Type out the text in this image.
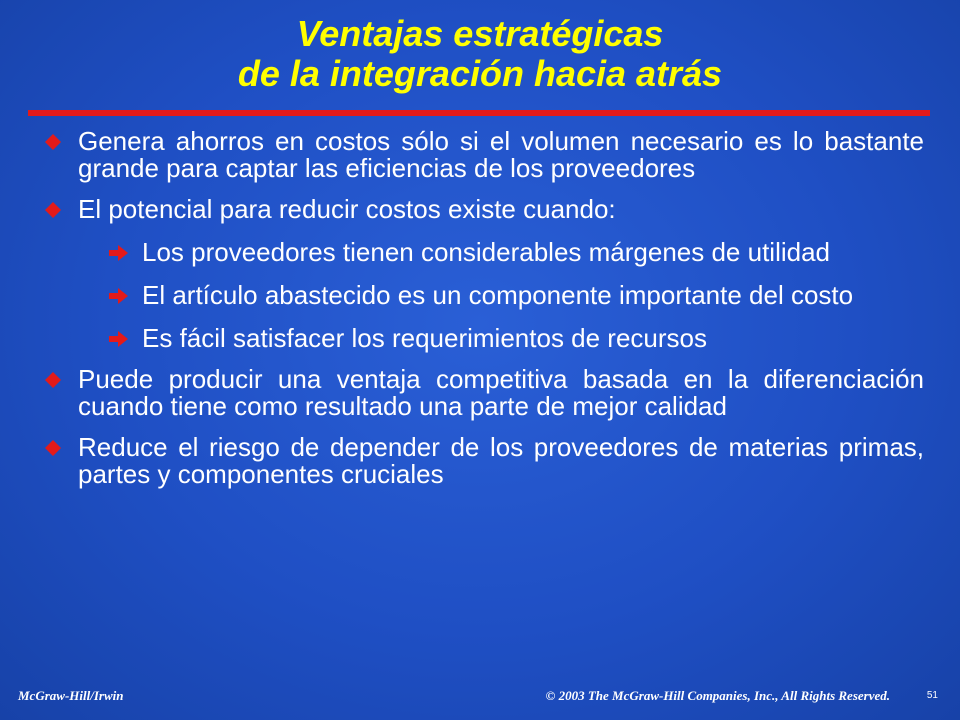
Ventajas estratégicas
de la integración hacia atrás
Genera ahorros en costos sólo si el volumen necesario es lo bastante grande para captar las eficiencias de los proveedores
El potencial para reducir costos existe cuando:
Los proveedores tienen considerables márgenes de utilidad
El artículo abastecido es un componente importante del costo
Es fácil satisfacer los requerimientos de recursos
Puede producir una ventaja competitiva basada en la diferenciación cuando tiene como resultado una parte de mejor calidad
Reduce el riesgo de depender de los proveedores de materias primas, partes y componentes cruciales
McGraw-Hill/Irwin	© 2003 The McGraw-Hill Companies, Inc., All Rights Reserved.	51
